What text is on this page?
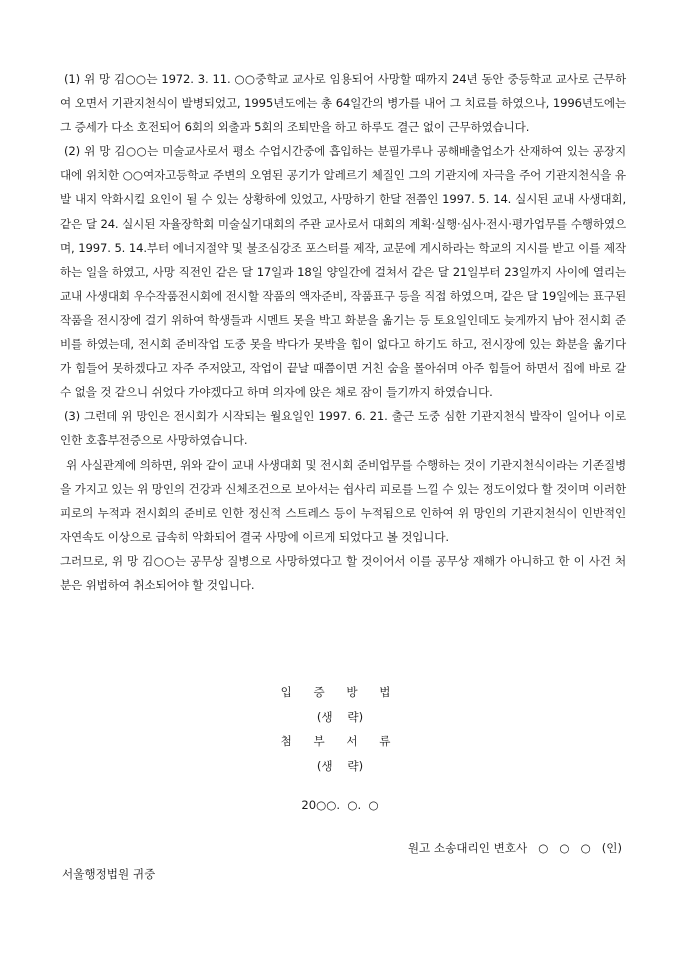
(1) 위 망 김○○는 1972. 3. 11. ○○중학교 교사로 임용되어 사망할 때까지 24년 동안 중등학교 교사로 근무하여 오면서 기관지천식이 발병되었고, 1995년도에는 총 64일간의 병가를 내어 그 치료를 하였으나, 1996년도에는 그 증세가 다소 호전되어 6회의 외출과 5회의 조퇴만을 하고 하루도 결근 없이 근무하였습니다.

(2) 위 망 김○○는 미술교사로서 평소 수업시간중에 흡입하는 분필가루나 공해배출업소가 산재하여 있는 공장지대에 위치한 ○○여자고등학교 주변의 오염된 공기가 알레르기 체질인 그의 기관지에 자극을 주어 기관지천식을 유발 내지 악화시킬 요인이 될 수 있는 상황하에 있었고, 사망하기 한달 전쯤인 1997. 5. 14. 실시된 교내 사생대회, 같은 달 24. 실시된 자율장학회 미술실기대회의 주관 교사로서 대회의 계획·실행·심사·전시·평가업무를 수행하였으며, 1997. 5. 14.부터 에너지절약 및 불조심강조 포스터를 제작, 교문에 게시하라는 학교의 지시를 받고 이를 제작하는 일을 하였고, 사망 직전인 같은 달 17일과 18일 양일간에 걸쳐서 같은 달 21일부터 23일까지 사이에 열리는 교내 사생대회 우수작품전시회에 전시할 작품의 액자준비, 작품표구 등을 직접 하였으며, 같은 달 19일에는 표구된 작품을 전시장에 걸기 위하여 학생들과 시멘트 못을 박고 화분을 옮기는 등 토요일인데도 늦게까지 남아 전시회 준비를 하였는데, 전시회 준비작업 도중 못을 박다가 못박을 힘이 없다고 하기도 하고, 전시장에 있는 화분을 옮기다가 힘들어 못하겠다고 자주 주저앉고, 작업이 끝날 때쯤이면 거친 숨을 몰아쉬며 아주 힘들어 하면서 집에 바로 갈 수 없을 것 같으니 쉬었다 가야겠다고 하며 의자에 앉은 채로 잠이 들기까지 하였습니다.

(3) 그런데 위 망인은 전시회가 시작되는 월요일인 1997. 6. 21. 출근 도중 심한 기관지천식 발작이 일어나 이로 인한 호흡부전증으로 사망하였습니다.

위 사실관계에 의하면, 위와 같이 교내 사생대회 및 전시회 준비업무를 수행하는 것이 기관지천식이라는 기존질병을 가지고 있는 위 망인의 건강과 신체조건으로 보아서는 쉽사리 피로를 느낄 수 있는 정도이었다 할 것이며 이러한 피로의 누적과 전시회의 준비로 인한 정신적 스트레스 등이 누적됨으로 인하여 위 망인의 기관지천식이 인반적인 자연속도 이상으로 급속히 악화되어 결국 사망에 이르게 되었다고 볼 것입니다.

그러므로, 위 망 김○○는 공무상 질병으로 사망하였다고 할 것이어서 이를 공무상 재해가 아니하고 한 이 사건 처분은 위법하여 취소되어야 할 것입니다.

입 증 방 법
(생    략)
첨 부 서 류
(생    략)
20○○.  ○.  ○
원고 소송대리인 변호사   ○   ○   ○   (인)
서울행정법원 귀중
